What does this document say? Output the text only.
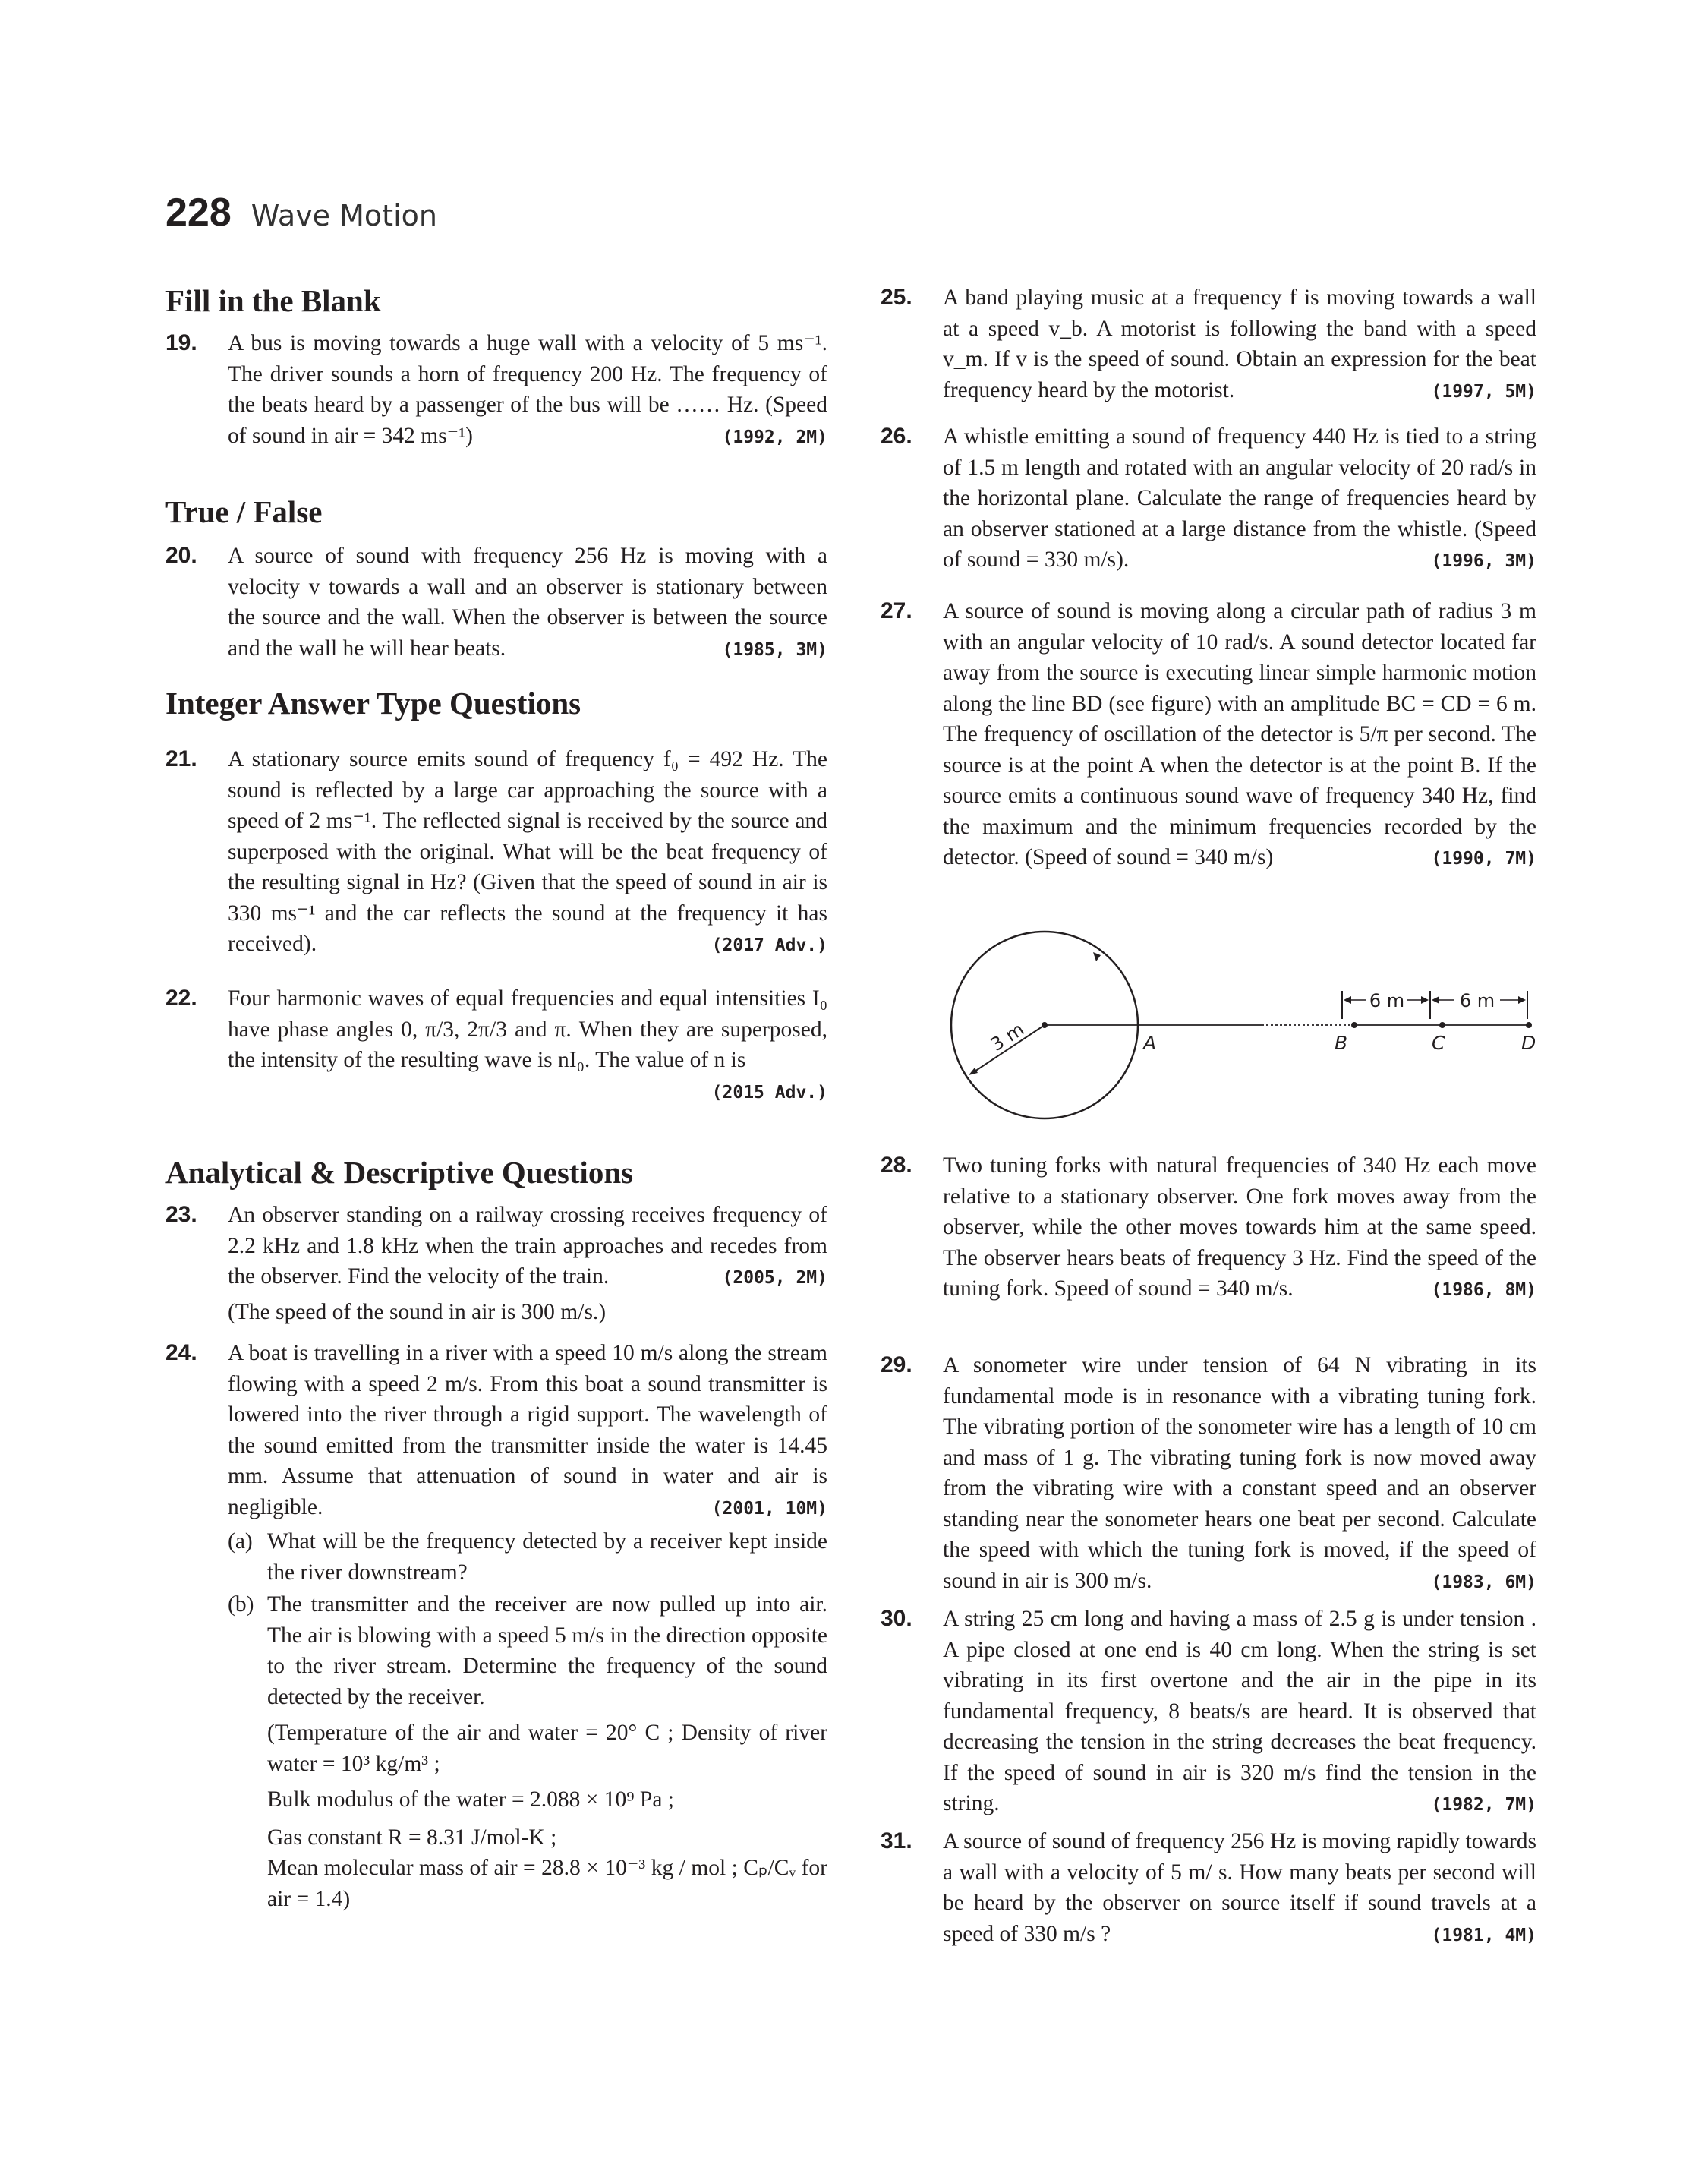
228 Wave Motion
Fill in the Blank
19. A bus is moving towards a huge wall with a velocity of 5 ms⁻¹. The driver sounds a horn of frequency 200 Hz. The frequency of the beats heard by a passenger of the bus will be …… Hz. (Speed of sound in air = 342 ms⁻¹)	(1992, 2M)
True / False
20. A source of sound with frequency 256 Hz is moving with a velocity v towards a wall and an observer is stationary between the source and the wall. When the observer is between the source and the wall he will hear beats.	(1985, 3M)
Integer Answer Type Questions
21. A stationary source emits sound of frequency f₀ = 492 Hz. The sound is reflected by a large car approaching the source with a speed of 2 ms⁻¹. The reflected signal is received by the source and superposed with the original. What will be the beat frequency of the resulting signal in Hz? (Given that the speed of sound in air is 330 ms⁻¹ and the car reflects the sound at the frequency it has received).	(2017 Adv.)
22. Four harmonic waves of equal frequencies and equal intensities I₀ have phase angles 0, π/3, 2π/3 and π. When they are superposed, the intensity of the resulting wave is nI₀. The value of n is
(2015 Adv.)
Analytical & Descriptive Questions
23. An observer standing on a railway crossing receives frequency of 2.2 kHz and 1.8 kHz when the train approaches and recedes from the observer. Find the velocity of the train.	(2005, 2M)
(The speed of the sound in air is 300 m/s.)
24. A boat is travelling in a river with a speed 10 m/s along the stream flowing with a speed 2 m/s. From this boat a sound transmitter is lowered into the river through a rigid support. The wavelength of the sound emitted from the transmitter inside the water is 14.45 mm. Assume that attenuation of sound in water and air is negligible.	(2001, 10M)
(a) What will be the frequency detected by a receiver kept inside the river downstream?
(b) The transmitter and the receiver are now pulled up into air. The air is blowing with a speed 5 m/s in the direction opposite to the river stream. Determine the frequency of the sound detected by the receiver.
(Temperature of the air and water = 20° C ; Density of river water = 10³ kg/m³ ;
Bulk modulus of the water = 2.088 × 10⁹ Pa ;
Gas constant R = 8.31 J/mol-K ;
Mean molecular mass of air = 28.8 × 10⁻³ kg / mol ; Cₚ/Cᵥ for air = 1.4)
25. A band playing music at a frequency f is moving towards a wall at a speed v_b. A motorist is following the band with a speed v_m. If v is the speed of sound. Obtain an expression for the beat frequency heard by the motorist.	(1997, 5M)
26. A whistle emitting a sound of frequency 440 Hz is tied to a string of 1.5 m length and rotated with an angular velocity of 20 rad/s in the horizontal plane. Calculate the range of frequencies heard by an observer stationed at a large distance from the whistle. (Speed of sound = 330 m/s).	(1996, 3M)
27. A source of sound is moving along a circular path of radius 3 m with an angular velocity of 10 rad/s. A sound detector located far away from the source is executing linear simple harmonic motion along the line BD (see figure) with an amplitude BC = CD = 6 m. The frequency of oscillation of the detector is 5/π per second. The source is at the point A when the detector is at the point B. If the source emits a continuous sound wave of frequency 340 Hz, find the maximum and the minimum frequencies recorded by the detector. (Speed of sound = 340 m/s)	(1990, 7M)
28. Two tuning forks with natural frequencies of 340 Hz each move relative to a stationary observer. One fork moves away from the observer, while the other moves towards him at the same speed. The observer hears beats of frequency 3 Hz. Find the speed of the tuning fork. Speed of sound = 340 m/s.	(1986, 8M)
29. A sonometer wire under tension of 64 N vibrating in its fundamental mode is in resonance with a vibrating tuning fork. The vibrating portion of the sonometer wire has a length of 10 cm and mass of 1 g. The vibrating tuning fork is now moved away from the vibrating wire with a constant speed and an observer standing near the sonometer hears one beat per second. Calculate the speed with which the tuning fork is moved, if the speed of sound in air is 300 m/s.	(1983, 6M)
30. A string 25 cm long and having a mass of 2.5 g is under tension . A pipe closed at one end is 40 cm long. When the string is set vibrating in its first overtone and the air in the pipe in its fundamental frequency, 8 beats/s are heard. It is observed that decreasing the tension in the string decreases the beat frequency. If the speed of sound in air is 320 m/s find the tension in the string.	(1982, 7M)
31. A source of sound of frequency 256 Hz is moving rapidly towards a wall with a velocity of 5 m/ s. How many beats per second will be heard by the observer on source itself if sound travels at a speed of 330 m/s ?	(1981, 4M)
3 m
6 m	6 m
A	B	C	D
